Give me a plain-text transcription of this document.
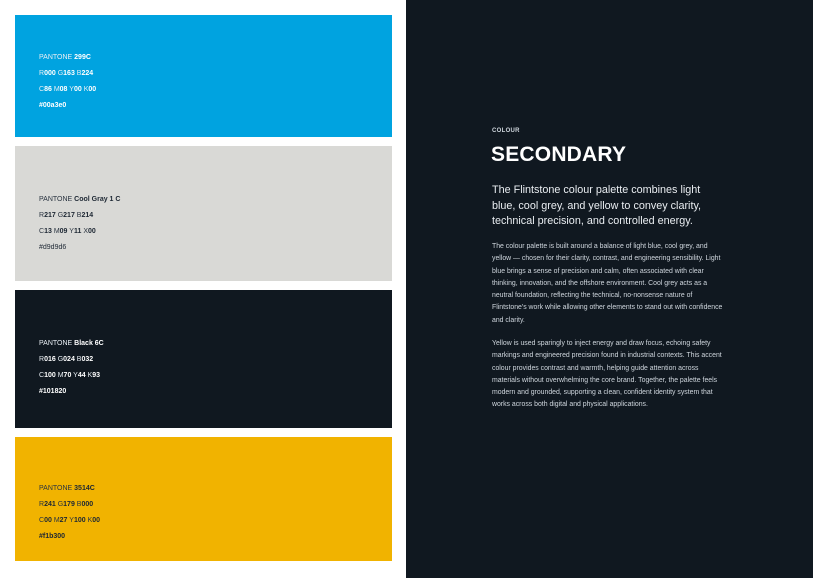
PANTONE 299C
R000 G163 B224
C86 M08 Y00 K00
#00a3e0
PANTONE Cool Gray 1 C
R217 G217 B214
C13 M09 Y11 X00
#d9d9d6
PANTONE Black 6C
R016 G024 B032
C100 M70 Y44 K93
#101820
PANTONE 3514C
R241 G179 B000
C00 M27 Y100 K00
#f1b300
COLOUR
SECONDARY

The Flintstone colour palette combines light blue, cool grey, and yellow to convey clarity, technical precision, and controlled energy.

The colour palette is built around a balance of light blue, cool grey, and yellow — chosen for their clarity, contrast, and engineering sensibility. Light blue brings a sense of precision and calm, often associated with clear thinking, innovation, and the offshore environment. Cool grey acts as a neutral foundation, reflecting the technical, no-nonsense nature of Flintstone's work while allowing other elements to stand out with confidence and clarity.

Yellow is used sparingly to inject energy and draw focus, echoing safety markings and engineered precision found in industrial contexts. This accent colour provides contrast and warmth, helping guide attention across materials without overwhelming the core brand. Together, the palette feels modern and grounded, supporting a clean, confident identity system that works across both digital and physical applications.
